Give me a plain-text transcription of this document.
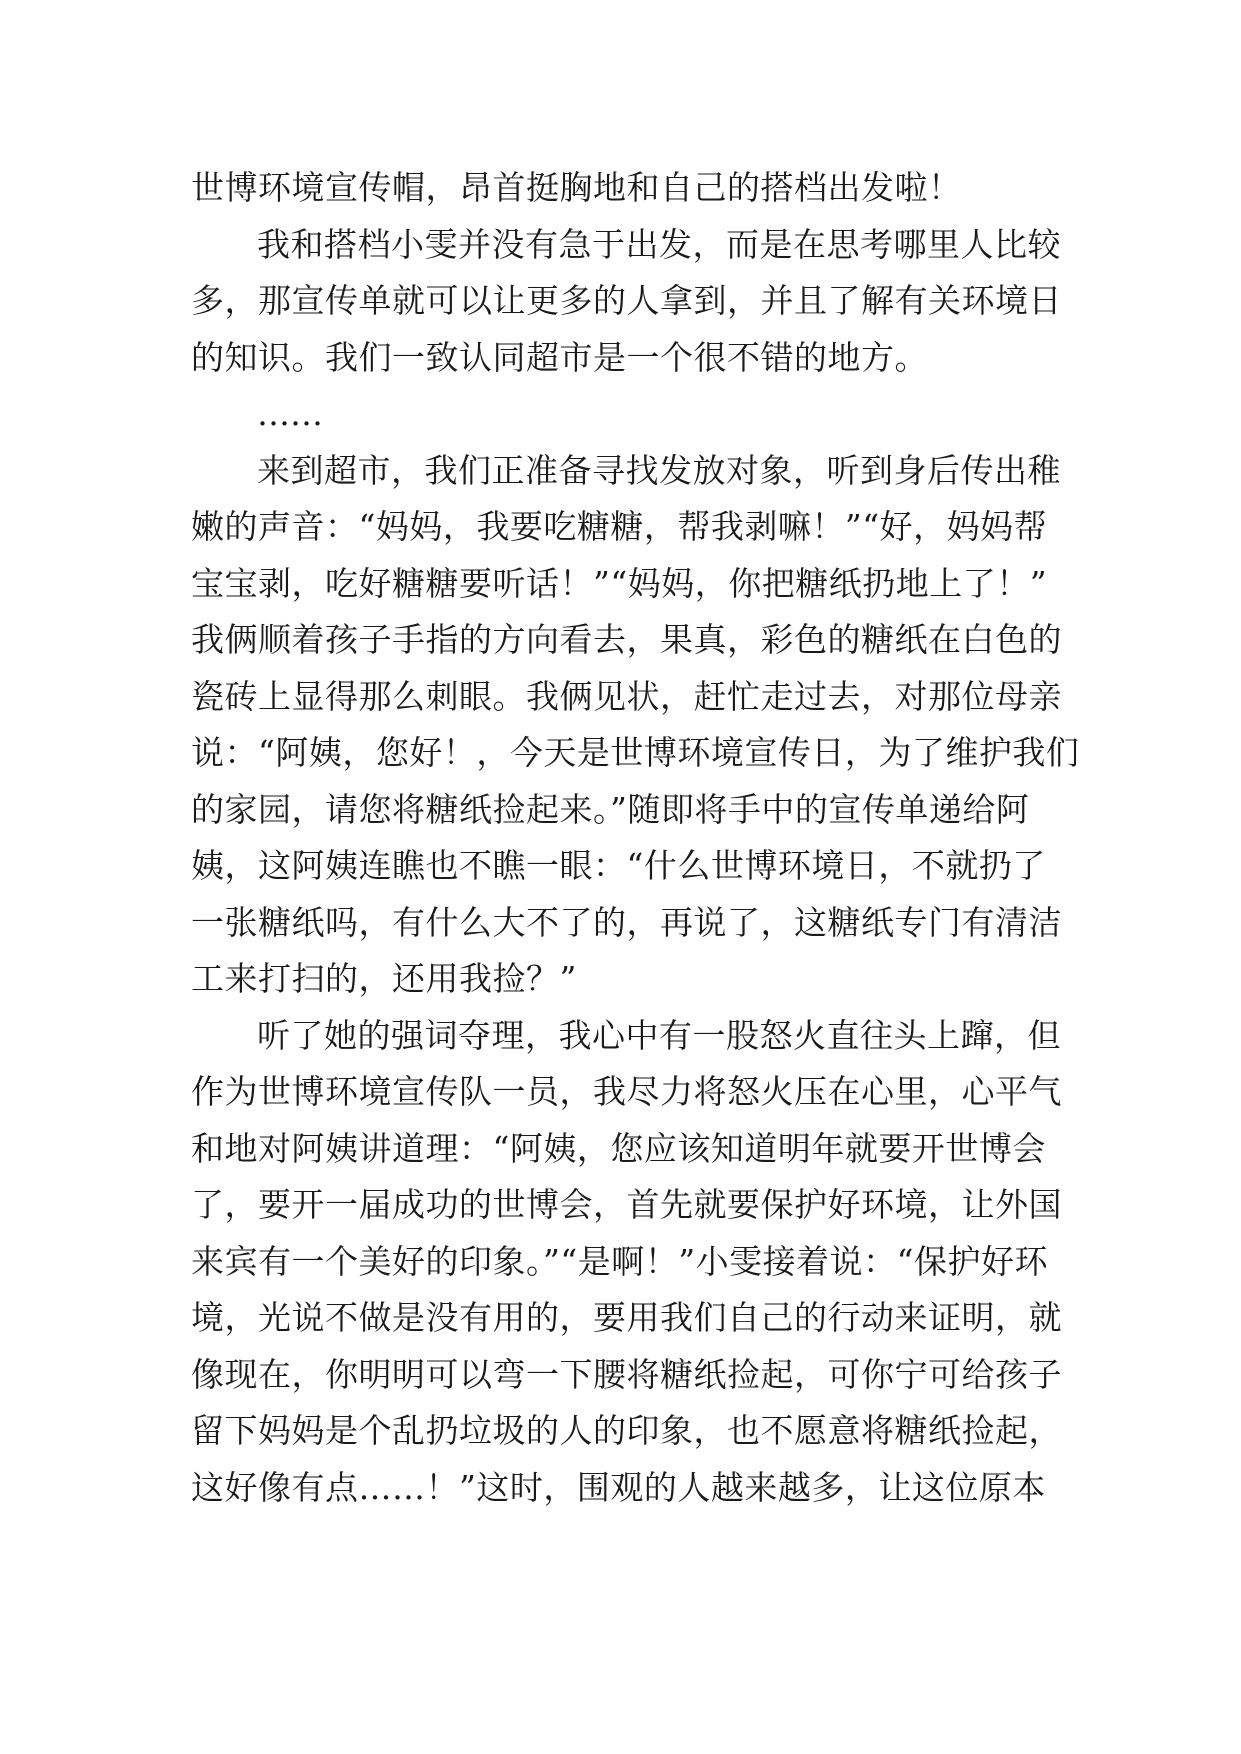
世博环境宣传帽，昂首挺胸地和自己的搭档出发啦！
我和搭档小雯并没有急于出发，而是在思考哪里人比较
多，那宣传单就可以让更多的人拿到，并且了解有关环境日
的知识。我们一致认同超市是一个很不错的地方。
……
来到超市，我们正准备寻找发放对象，听到身后传出稚
嫩的声音：“妈妈，我要吃糖糖，帮我剥嘛！”“好，妈妈帮
宝宝剥，吃好糖糖要听话！”“妈妈，你把糖纸扔地上了！”
我俩顺着孩子手指的方向看去，果真，彩色的糖纸在白色的
瓷砖上显得那么刺眼。我俩见状，赶忙走过去，对那位母亲
说：“阿姨，您好！，今天是世博环境宣传日，为了维护我们
的家园，请您将糖纸捡起来。”随即将手中的宣传单递给阿
姨，这阿姨连瞧也不瞧一眼：“什么世博环境日，不就扔了
一张糖纸吗，有什么大不了的，再说了，这糖纸专门有清洁
工来打扫的，还用我捡？”
听了她的强词夺理，我心中有一股怒火直往头上蹿，但
作为世博环境宣传队一员，我尽力将怒火压在心里，心平气
和地对阿姨讲道理：“阿姨，您应该知道明年就要开世博会
了，要开一届成功的世博会，首先就要保护好环境，让外国
来宾有一个美好的印象。”“是啊！”小雯接着说：“保护好环
境，光说不做是没有用的，要用我们自己的行动来证明，就
像现在，你明明可以弯一下腰将糖纸捡起，可你宁可给孩子
留下妈妈是个乱扔垃圾的人的印象，也不愿意将糖纸捡起，
这好像有点……！”这时，围观的人越来越多，让这位原本
